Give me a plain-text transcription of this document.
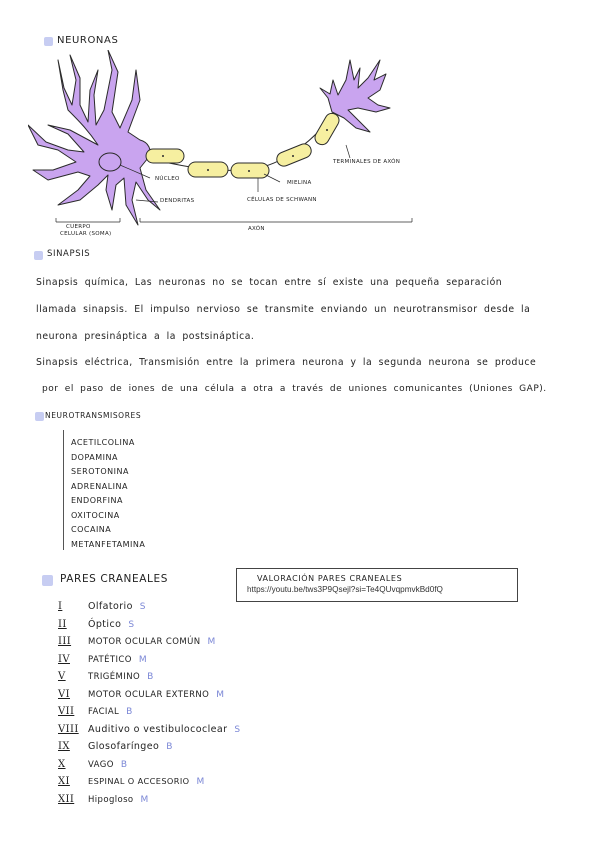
NEURONAS
NÚCLEO
DENDRITAS	CÉLULAS DE SCHWANN
MIELINA
TERMINALES DE AXÓN
CUERPO
CELULAR (SOMA)
AXÓN
SINAPSIS
Sinapsis química, Las neuronas no se tocan entre sí existe una pequeña separación
llamada sinapsis. El impulso nervioso se transmite enviando un neurotransmisor desde la
neurona presináptica a la postsináptica.
Sinapsis eléctrica, Transmisión entre la primera neurona y la segunda neurona se produce
por el paso de iones de una célula a otra a través de uniones comunicantes (Uniones GAP).
NEUROTRANSMISORES
ACETILCOLINA
DOPAMINA
SEROTONINA
ADRENALINA
ENDORFINA
OXITOCINA
COCAINA
METANFETAMINA
PARES CRANEALES	VALORACIÓN PARES CRANEALES
https://youtu.be/tws3P9Qsejl?si=Te4QUvqpmvkBd0fQ
I	Olfatorio S
II Óptico S
III MOTOR OCULAR COMÚN M
IV PATÉTICO M
V	TRIGÉMINO B
VI MOTOR OCULAR EXTERNO M
VII FACIAL B
VIII Auditivo o vestibulococlear S
IX Glosofaríngeo B
X	VAGO B
XI ESPINAL O ACCESORIO M
XII Hipogloso M
